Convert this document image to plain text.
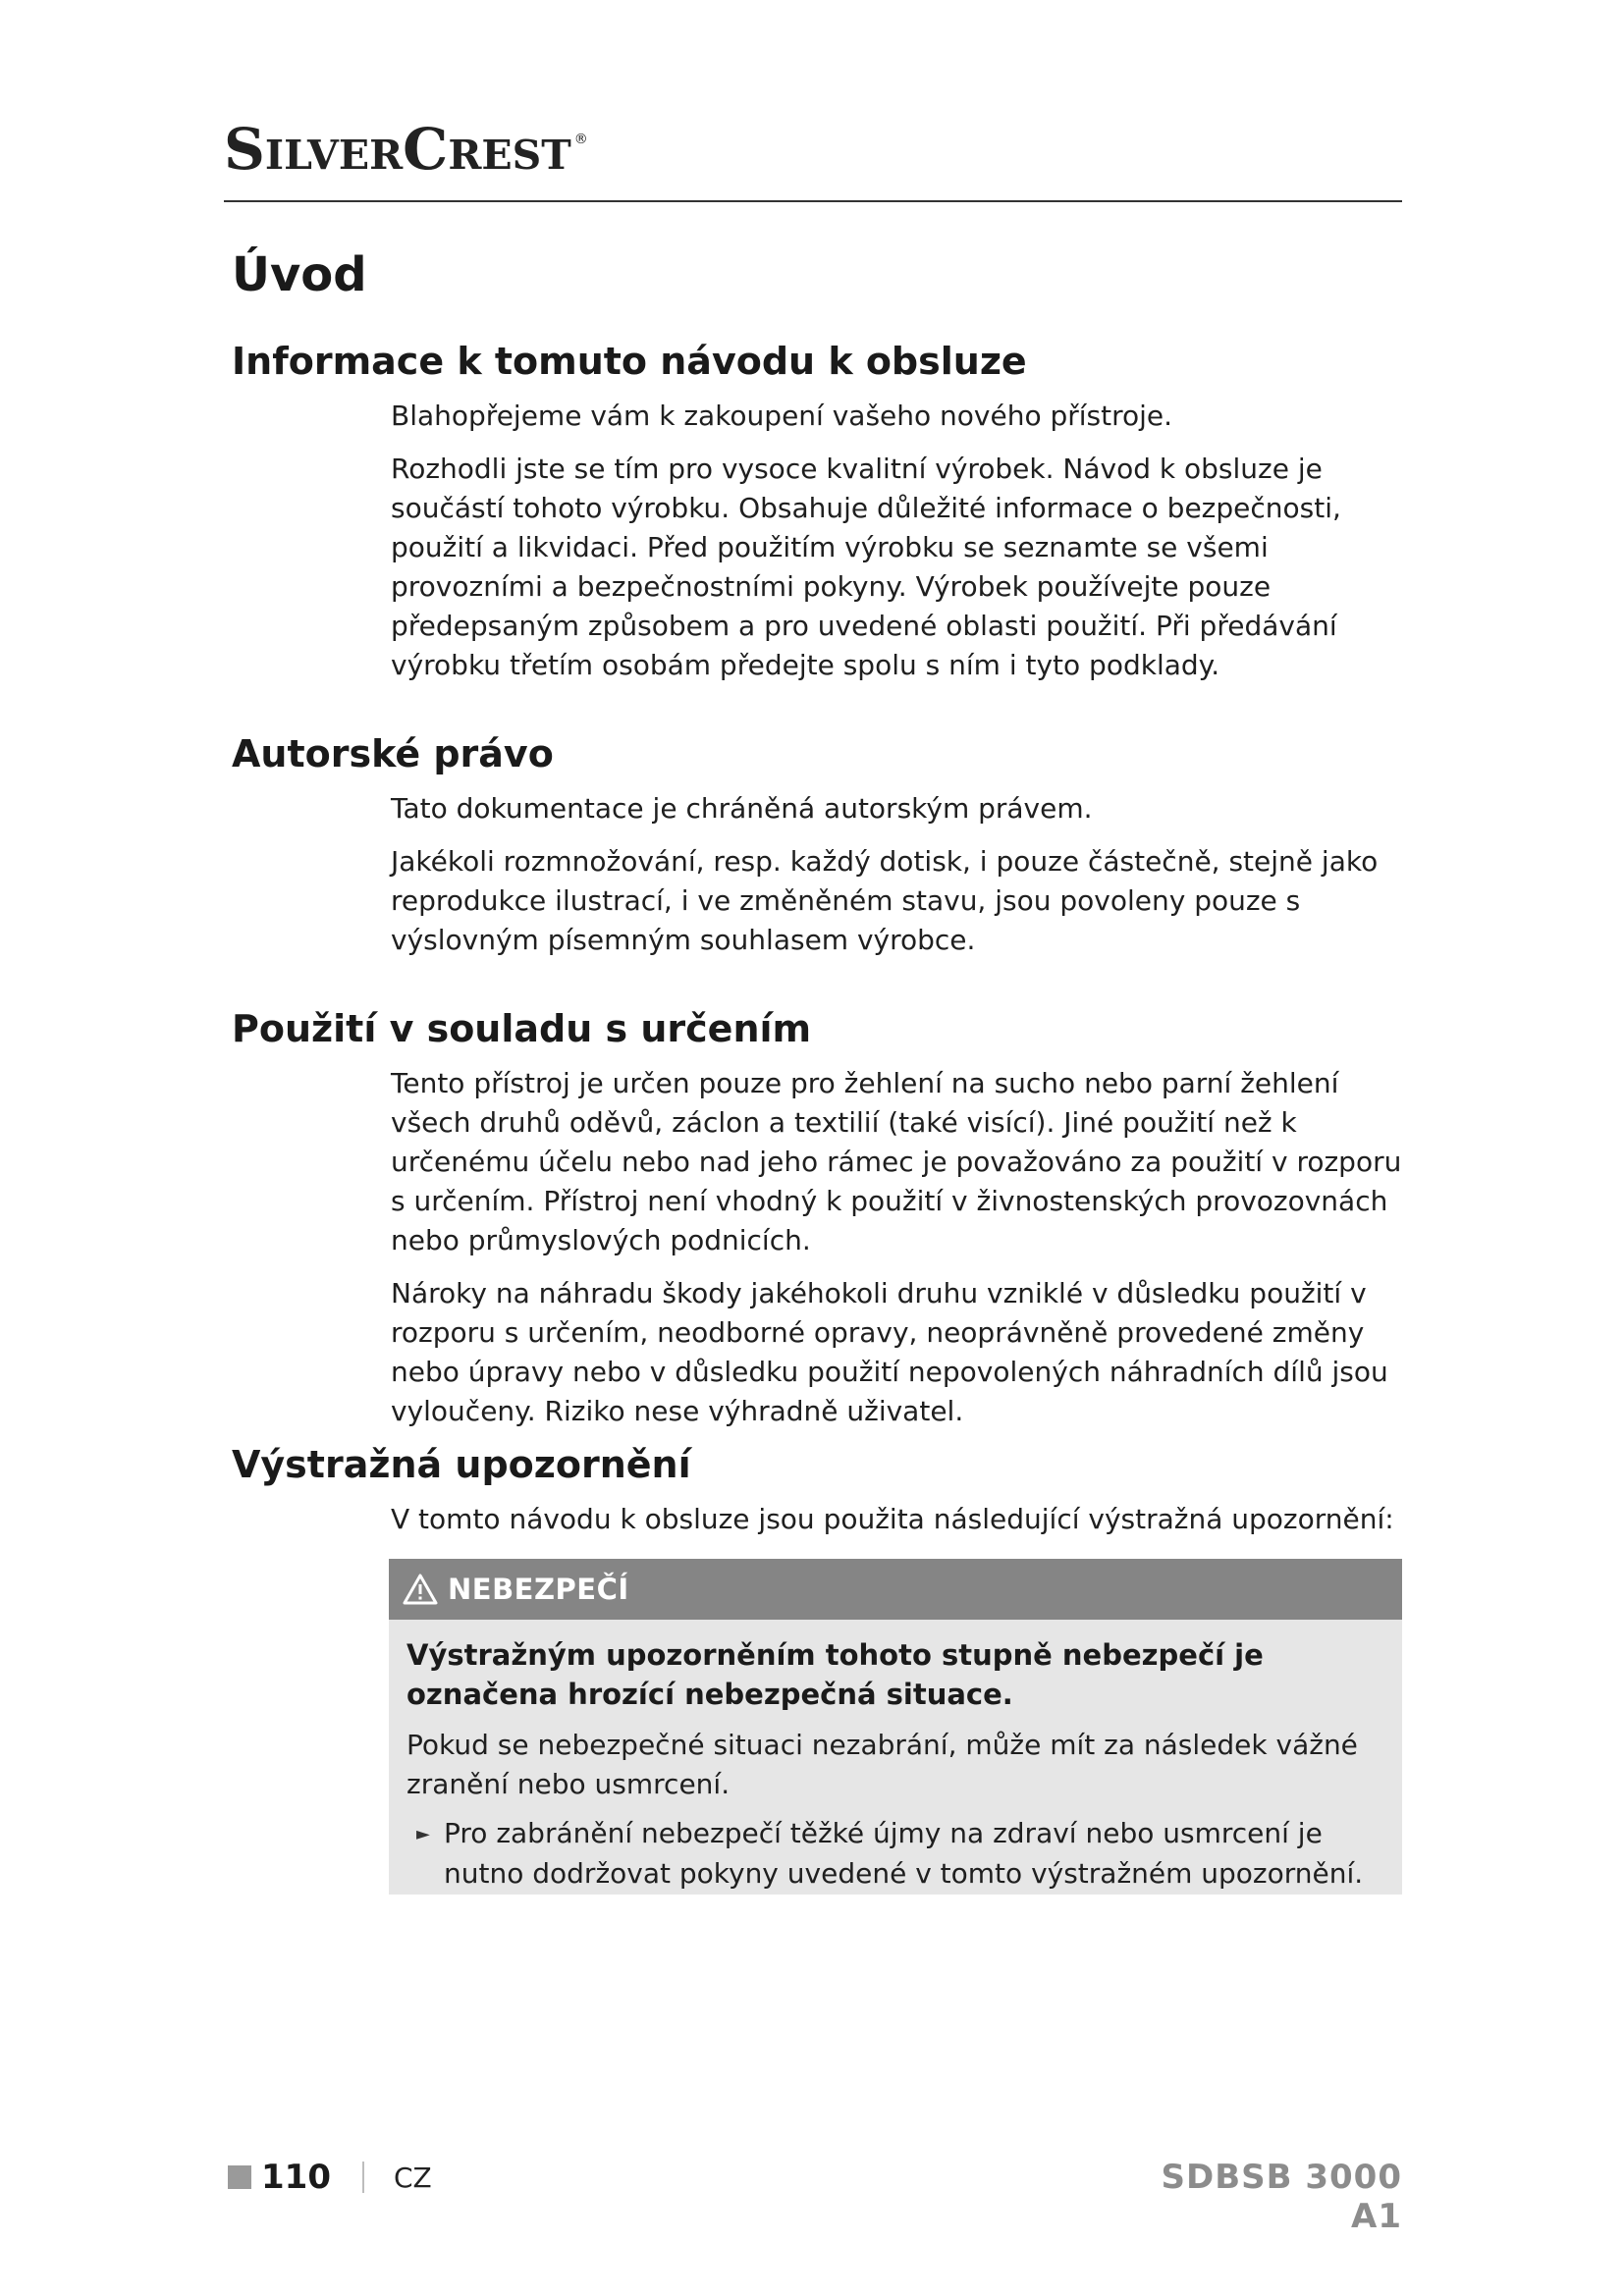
SilverCrest ®
Úvod
Informace k tomuto návodu k obsluze

Blahopřejeme vám k zakoupení vašeho nového přístroje.

Rozhodli jste se tím pro vysoce kvalitní výrobek. Návod k obsluze je součástí tohoto výrobku. Obsahuje důležité informace o bezpečnosti, použití a likvidaci. Před použitím výrobku se seznamte se všemi provozními a bezpečnostními pokyny. Výrobek používejte pouze předepsaným způsobem a pro uvedené oblasti použití. Při předávání výrobku třetím osobám předejte spolu s ním i tyto podklady.

Autorské právo

Tato dokumentace je chráněná autorským právem.

Jakékoli rozmnožování, resp. každý dotisk, i pouze částečně, stejně jako reprodukce ilustrací, i ve změněném stavu, jsou povoleny pouze s výslovným písemným souhlasem výrobce.

Použití v souladu s určením

Tento přístroj je určen pouze pro žehlení na sucho nebo parní žehlení všech druhů oděvů, záclon a textilií (také visící). Jiné použití než k určenému účelu nebo nad jeho rámec je považováno za použití v rozporu s určením. Přístroj není vhodný k použití v živnostenských provozovnách nebo průmyslových podnicích.

Nároky na náhradu škody jakéhokoli druhu vzniklé v důsledku použití v rozporu s určením, neodborné opravy, neoprávněně provedené změny nebo úpravy nebo v důsledku použití nepovolených náhradních dílů jsou vyloučeny. Riziko nese výhradně uživatel.

Výstražná upozornění

V tomto návodu k obsluze jsou použita následující výstražná upozornění:

NEBEZPEČÍ

Výstražným upozorněním tohoto stupně nebezpečí je označena hrozící nebezpečná situace.

Pokud se nebezpečné situaci nezabrání, může mít za následek vážné zranění nebo usmrcení.

► Pro zabránění nebezpečí těžké újmy na zdraví nebo usmrcení je nutno dodržovat pokyny uvedené v tomto výstražném upozornění.

110 CZ	SDBSB 3000 A1
